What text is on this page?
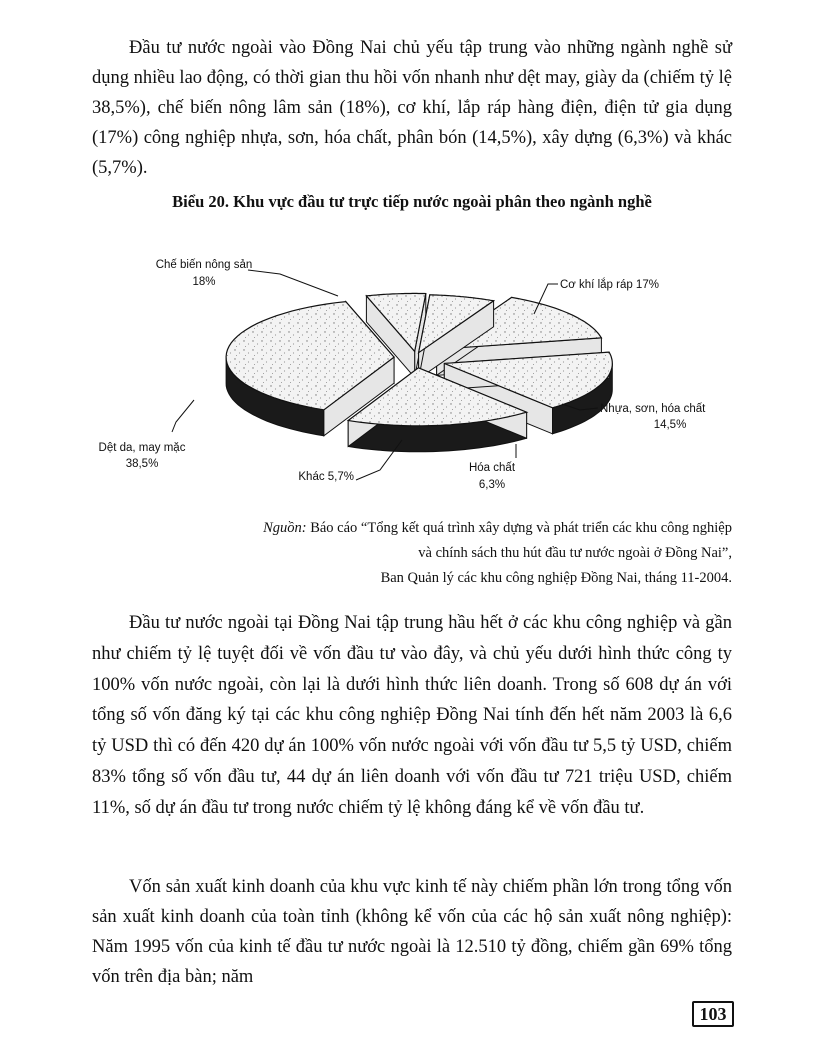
Đầu tư nước ngoài vào Đồng Nai chủ yếu tập trung vào những ngành nghề sử dụng nhiều lao động, có thời gian thu hồi vốn nhanh như dệt may, giày da (chiếm tỷ lệ 38,5%), chế biến nông lâm sản (18%), cơ khí, lắp ráp hàng điện, điện tử gia dụng (17%) công nghiệp nhựa, sơn, hóa chất, phân bón (14,5%), xây dựng (6,3%) và khác (5,7%).

Biểu 20. Khu vực đầu tư trực tiếp nước ngoài phân theo ngành nghề

Chế biến nông sản
18%	Cơ khí lắp ráp 17%
Nhựa, sơn, hóa chất
14,5%
Hóa chất
6,3%
Khác 5,7%
Dệt da, may mặc
38,5%
Nguồn: Báo cáo “Tổng kết quá trình xây dựng và phát triển các khu công nghiệp
và chính sách thu hút đầu tư nước ngoài ở Đồng Nai”,
Ban Quản lý các khu công nghiệp Đồng Nai, tháng 11-2004.

Đầu tư nước ngoài tại Đồng Nai tập trung hầu hết ở các khu công nghiệp và gần như chiếm tỷ lệ tuyệt đối về vốn đầu tư vào đây, và chủ yếu dưới hình thức công ty 100% vốn nước ngoài, còn lại là dưới hình thức liên doanh. Trong số 608 dự án với tổng số vốn đăng ký tại các khu công nghiệp Đồng Nai tính đến hết năm 2003 là 6,6 tỷ USD thì có đến 420 dự án 100% vốn nước ngoài với vốn đầu tư 5,5 tỷ USD, chiếm 83% tổng số vốn đầu tư, 44 dự án liên doanh với vốn đầu tư 721 triệu USD, chiếm 11%, số dự án đầu tư trong nước chiếm tỷ lệ không đáng kể về vốn đầu tư.

Vốn sản xuất kinh doanh của khu vực kinh tế này chiếm phần lớn trong tổng vốn sản xuất kinh doanh của toàn tỉnh (không kể vốn của các hộ sản xuất nông nghiệp): Năm 1995 vốn của kinh tế đầu tư nước ngoài là 12.510 tỷ đồng, chiếm gần 69% tổng vốn trên địa bàn; năm

103
